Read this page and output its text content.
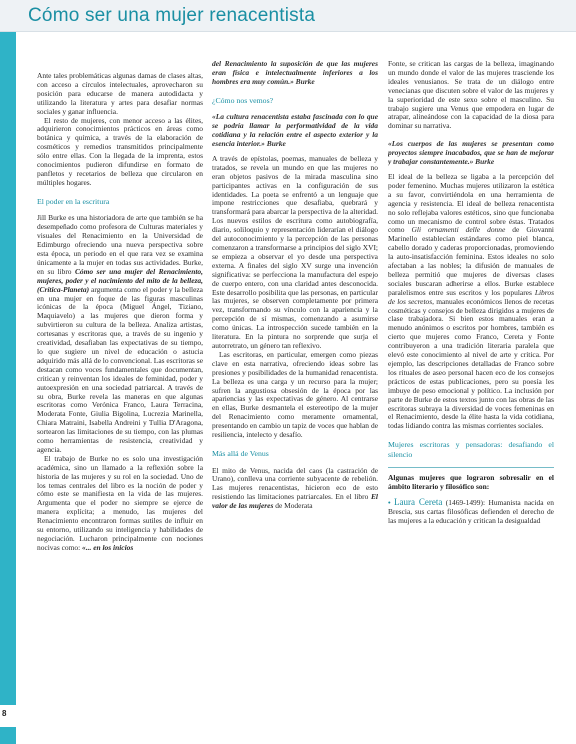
Cómo ser una mujer renacentista
8

Ante tales problemáticas algunas damas de clases altas, con acceso a círculos intelectuales, aprovecharon su posición para educarse de manera autodidacta y utilizando la literatura y artes para desafiar normas sociales y ganar influencia.

El resto de mujeres, con menor acceso a las élites, adquirieron conocimientos prácticos en áreas como botánica y química, a través de la elaboración de cosméticos y remedios transmitidos principalmente sólo entre ellas. Con la llegada de la imprenta, estos conocimientos pudieron difundirse en formato de panfletos y recetarios de belleza que circularon en múltiples hogares.

El poder en la escritura

Jill Burke es una historiadora de arte que también se ha desempeñado como profesora de Culturas materiales y visuales del Renacimiento en la Universidad de Edimburgo ofreciendo una nueva perspectiva sobre esta época, un periodo en el que rara vez se examina únicamente a la mujer en todas sus actividades. Burke, en su libro Cómo ser una mujer del Renacimiento, mujeres, poder y el nacimiento del mito de la belleza, (Crítica-Planeta) argumenta como el poder y la belleza en una mujer en foque de las figuras masculinas icónicas de la época (Miguel Ángel, Tiziano, Maquiavelo) a las mujeres que dieron forma y subvirtieron su cultura de la belleza. Analiza artistas, cortesanas y escritoras que, a través de su ingenio y creatividad, desafiaban las expectativas de su tiempo, lo que sugiere un nivel de educación o astucia adquirido más allá de lo convencional. Las escritoras se destacan como voces fundamentales que documentan, critican y reinventan los ideales de feminidad, poder y autoexpresión en una sociedad patriarcal. A través de su obra, Burke revela las maneras en que algunas escritoras como Verónica Franco, Laura Terracina, Moderata Fonte, Giulia Bigolina, Lucrezia Marinella, Chiara Matraini, Isabella Andreini y Tullia D'Aragona, sortearon las limitaciones de su tiempo, con las plumas como herramientas de resistencia, creatividad y agencia.

El trabajo de Burke no es solo una investigación académica, sino un llamado a la reflexión sobre la historia de las mujeres y su rol en la sociedad. Uno de los temas centrales del libro es la noción de poder y cómo este se manifiesta en la vida de las mujeres. Argumenta que el poder no siempre se ejerce de manera explícita; a menudo, las mujeres del Renacimiento encontraron formas sutiles de influir en su entorno, utilizando su inteligencia y habilidades de negociación. Lucharon principalmente con nociones nocivas como: «... en los inicios

del Renacimiento la suposición de que las mujeres eran física e intelectualmente inferiores a los hombres era muy común.» Burke

¿Cómo nos vemos?

«La cultura renacentista estaba fascinada con lo que se podría llamar la performatividad de la vida cotidiana y la relación entre el aspecto exterior y la esencia interior.» Burke

A través de epístolas, poemas, manuales de belleza y tratados, se revela un mundo en que las mujeres no eran objetos pasivos de la mirada masculina sino participantes activas en la configuración de sus identidades. La poeta se enfrentó a un lenguaje que impone restricciones que desafiaba, quebrará y transformará para abarcar la perspectiva de la alteridad. Los nuevos estilos de escritura como autobiografía, diario, soliloquio y representación liderarían el diálogo del autoconocimiento y la percepción de las personas comenzaron a transformarse a principios del siglo XVI; se empieza a observar el yo desde una perspectiva externa. A finales del siglo XV surge una invención significativa: se perfecciona la manufactura del espejo de cuerpo entero, con una claridad antes desconocida. Este desarrollo posibilita que las personas, en particular las mujeres, se observen completamente por primera vez, transformando su vínculo con la apariencia y la percepción de sí mismas, comenzando a asumirse como únicas. La introspección sucede también en la literatura. En la pintura no sorprende que surja el autorretrato, un género tan reflexivo.

Las escritoras, en particular, emergen como piezas clave en esta narrativa, ofreciendo ideas sobre las presiones y posibilidades de la humanidad renacentista. La belleza es una carga y un recurso para la mujer; sufren la angustiosa obsesión de la época por las apariencias y las expectativas de género. Al centrarse en ellas, Burke desmantela el estereotipo de la mujer del Renacimiento como meramente ornamental, presentando en cambio un tapiz de voces que hablan de resiliencia, intelecto y desafío.

Más allá de Venus

El mito de Venus, nacida del caos (la castración de Urano), conlleva una corriente subyacente de rebelión. Las mujeres renacentistas, hicieron eco de esto resistiendo las limitaciones patriarcales. En el libro El valor de las mujeres de Moderata

Fonte, se critican las cargas de la belleza, imaginando un mundo donde el valor de las mujeres trasciende los ideales venusianos. Se trata de un diálogo entre venecianas que discuten sobre el valor de las mujeres y la superioridad de este sexo sobre el masculino. Su trabajo sugiere una Venus que empodera en lugar de atrapar, alineándose con la capacidad de la diosa para dominar su narrativa.

«Los cuerpos de las mujeres se presentan como proyectos siempre inacabados, que se han de mejorar y trabajar constantemente.» Burke

El ideal de la belleza se ligaba a la percepción del poder femenino. Muchas mujeres utilizaron la estética a su favor, convirtiéndola en una herramienta de agencia y resistencia. El ideal de belleza renacentista no solo reflejaba valores estéticos, sino que funcionaba como un mecanismo de control sobre éstas. Tratados como Gli ornamenti delle donne de Giovanni Marinello establecían estándares como piel blanca, cabello dorado y caderas proporcionadas, promoviendo la auto-insatisfacción feminina. Estos ideales no solo afectaban a las nobles; la difusión de manuales de belleza permitió que mujeres de diversas clases sociales buscaran adherirse a ellos. Burke establece paralelismos entre sus escritos y los populares Libros de los secretos, manuales económicos llenos de recetas cosméticas y consejos de belleza dirigidos a mujeres de clase trabajadora. Si bien estos manuales eran a menudo anónimos o escritos por hombres, también es cierto que mujeres como Franco, Cereta y Fonte contribuyeron a una tradición literaria paralela que elevó este conocimiento al nivel de arte y crítica. Por ejemplo, las descripciones detalladas de Franco sobre los rituales de aseo personal hacen eco de los consejos prácticos de estas publicaciones, pero su poesía les imbuye de peso emocional y político. La inclusión por parte de Burke de estos textos junto con las obras de las escritoras subraya la diversidad de voces femeninas en el Renacimiento, desde la élite hasta la vida cotidiana, todas lidiando contra las mismas corrientes sociales.

Mujeres escritoras y pensadoras: desafiando el silencio

Algunas mujeres que lograron sobresalir en el ámbito literario y filosófico son:

• Laura Cereta (1469-1499): Humanista nacida en Brescia, sus cartas filosóficas defienden el derecho de las mujeres a la educación y critican la desigualdad
